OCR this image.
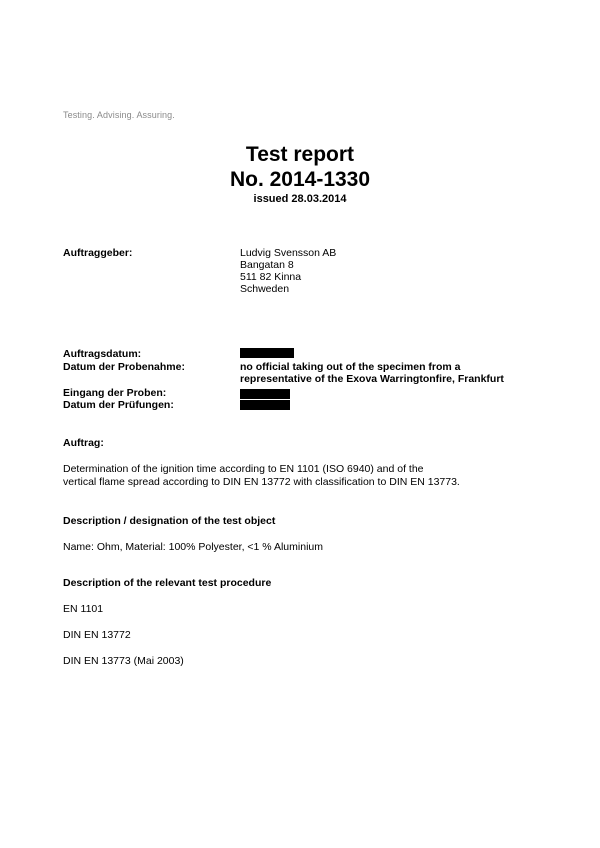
Testing. Advising. Assuring.
Test report
No. 2014-1330
issued 28.03.2014
Auftraggeber:	Ludvig Svensson AB
Bangatan 8
511 82 Kinna
Schweden
Auftragsdatum:
Datum der Probenahme:	no official taking out of the specimen from a
representative of the Exova Warringtonfire, Frankfurt
Eingang der Proben:
Datum der Prüfungen:
Auftrag:
Determination of the ignition time according to EN 1101 (ISO 6940) and of the
vertical flame spread according to DIN EN 13772 with classification to DIN EN 13773.
Description / designation of the test object
Name: Ohm, Material: 100% Polyester, <1 % Aluminium
Description of the relevant test procedure
EN 1101
DIN EN 13772
DIN EN 13773 (Mai 2003)
